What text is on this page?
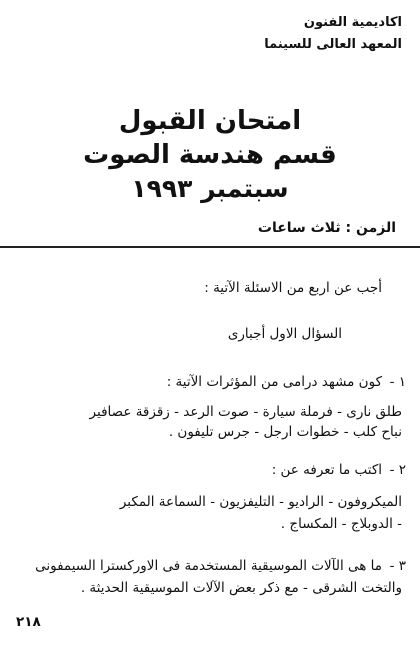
اكاديمية الفنون
المعهد العالى للسينما
امتحان القبول
قسم هندسة الصوت
سبتمبر ١٩٩٣
الزمن : ثلاث ساعات
أجب عن اربع من الاسئلة الآتية :
السؤال الاول أجبارى
١ -
كون مشهد درامى من المؤثرات الآتية :
طلق نارى - فرملة سيارة - صوت الرعد - زقزقة عصافير
نباح كلب - خطوات ارجل - جرس تليفون .
٢ -
اكتب ما تعرفه عن :
الميكروفون - الراديو - التليفزيون - السماعة المكبر
- الدوبلاج - المكساج .
٣ -
ما هى الآلات الموسيقية المستخدمة فى الاوركسترا السيمفونى
والتخت الشرقى - مع ذكر بعض الآلات الموسيقية الحديثة .
٢١٨
